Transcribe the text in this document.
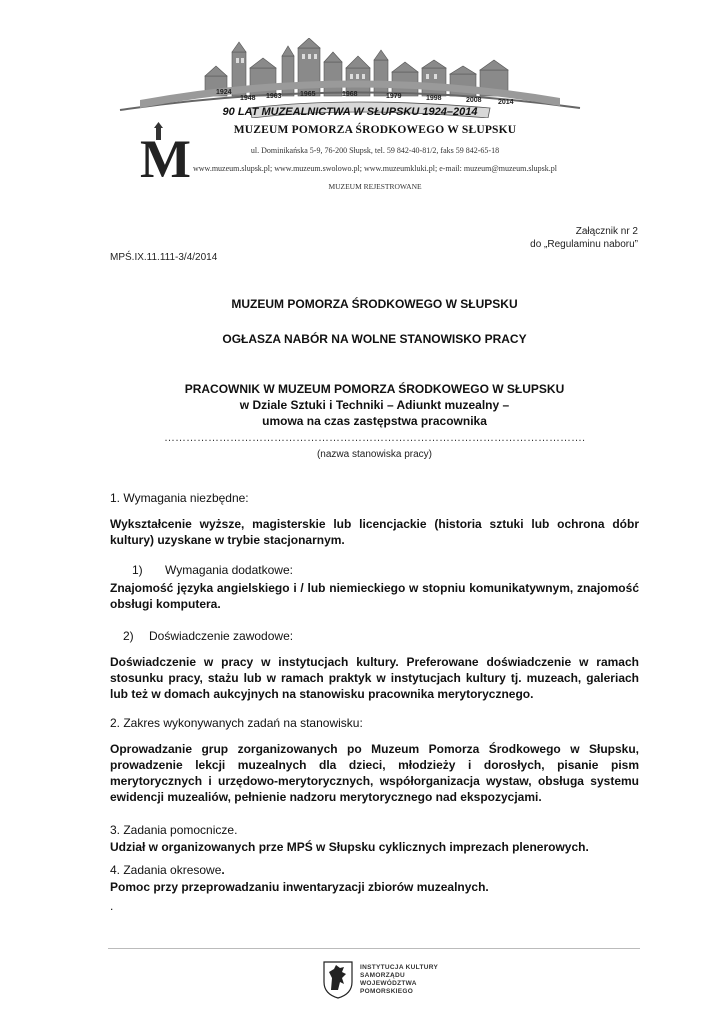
1924
1948 1963	1965	1968	1979	1998	2008 2014
90 LAT MUZEALNICTWA W SŁUPSKU 1924–2014
M	MUZEUM POMORZA ŚRODKOWEGO W SŁUPSKU
ul. Dominikańska 5-9, 76-200 Słupsk, tel. 59 842-40-81/2, faks 59 842-65-18
www.muzeum.slupsk.pl; www.muzeum.swolowo.pl; www.muzeumkluki.pl; e-mail: muzeum@muzeum.slupsk.pl
MUZEUM REJESTROWANE
Załącznik nr 2
do „Regulaminu naboru”
MPŚ.IX.11.111-3/4/2014
MUZEUM POMORZA ŚRODKOWEGO W SŁUPSKU
OGŁASZA NABÓR NA WOLNE STANOWISKO PRACY
PRACOWNIK W MUZEUM POMORZA ŚRODKOWEGO W SŁUPSKU
w Dziale Sztuki i Techniki – Adiunkt muzealny –
umowa na czas zastępstwa pracownika
…………………………………………………………………………………………………….
(nazwa stanowiska pracy)
1. Wymagania niezbędne:
Wykształcenie wyższe, magisterskie lub licencjackie (historia sztuki lub ochrona dóbr kultury) uzyskane w trybie stacjonarnym.
1) Wymagania dodatkowe:
Znajomość języka angielskiego i / lub niemieckiego w stopniu komunikatywnym, znajomość obsługi komputera.
2) Doświadczenie zawodowe:
Doświadczenie w pracy w instytucjach kultury. Preferowane doświadczenie w ramach stosunku pracy, stażu lub w ramach praktyk w instytucjach kultury tj. muzeach, galeriach lub też w domach aukcyjnych na stanowisku pracownika merytorycznego.
2. Zakres wykonywanych zadań na stanowisku:
Oprowadzanie grup zorganizowanych po Muzeum Pomorza Środkowego w Słupsku, prowadzenie lekcji muzealnych dla dzieci, młodzieży i dorosłych, pisanie pism merytorycznych i urzędowo-merytorycznych, współorganizacja wystaw, obsługa systemu ewidencji muzealiów, pełnienie nadzoru merytorycznego nad ekspozycjami.
3. Zadania pomocnicze.
Udział w organizowanych prze MPŚ w Słupsku cyklicznych imprezach plenerowych.
4. Zadania okresowe.
Pomoc przy przeprowadzaniu inwentaryzacji zbiorów muzealnych.
.
INSTYTUCJA KULTURY
SAMORZĄDU
WOJEWÓDZTWA
POMORSKIEGO
